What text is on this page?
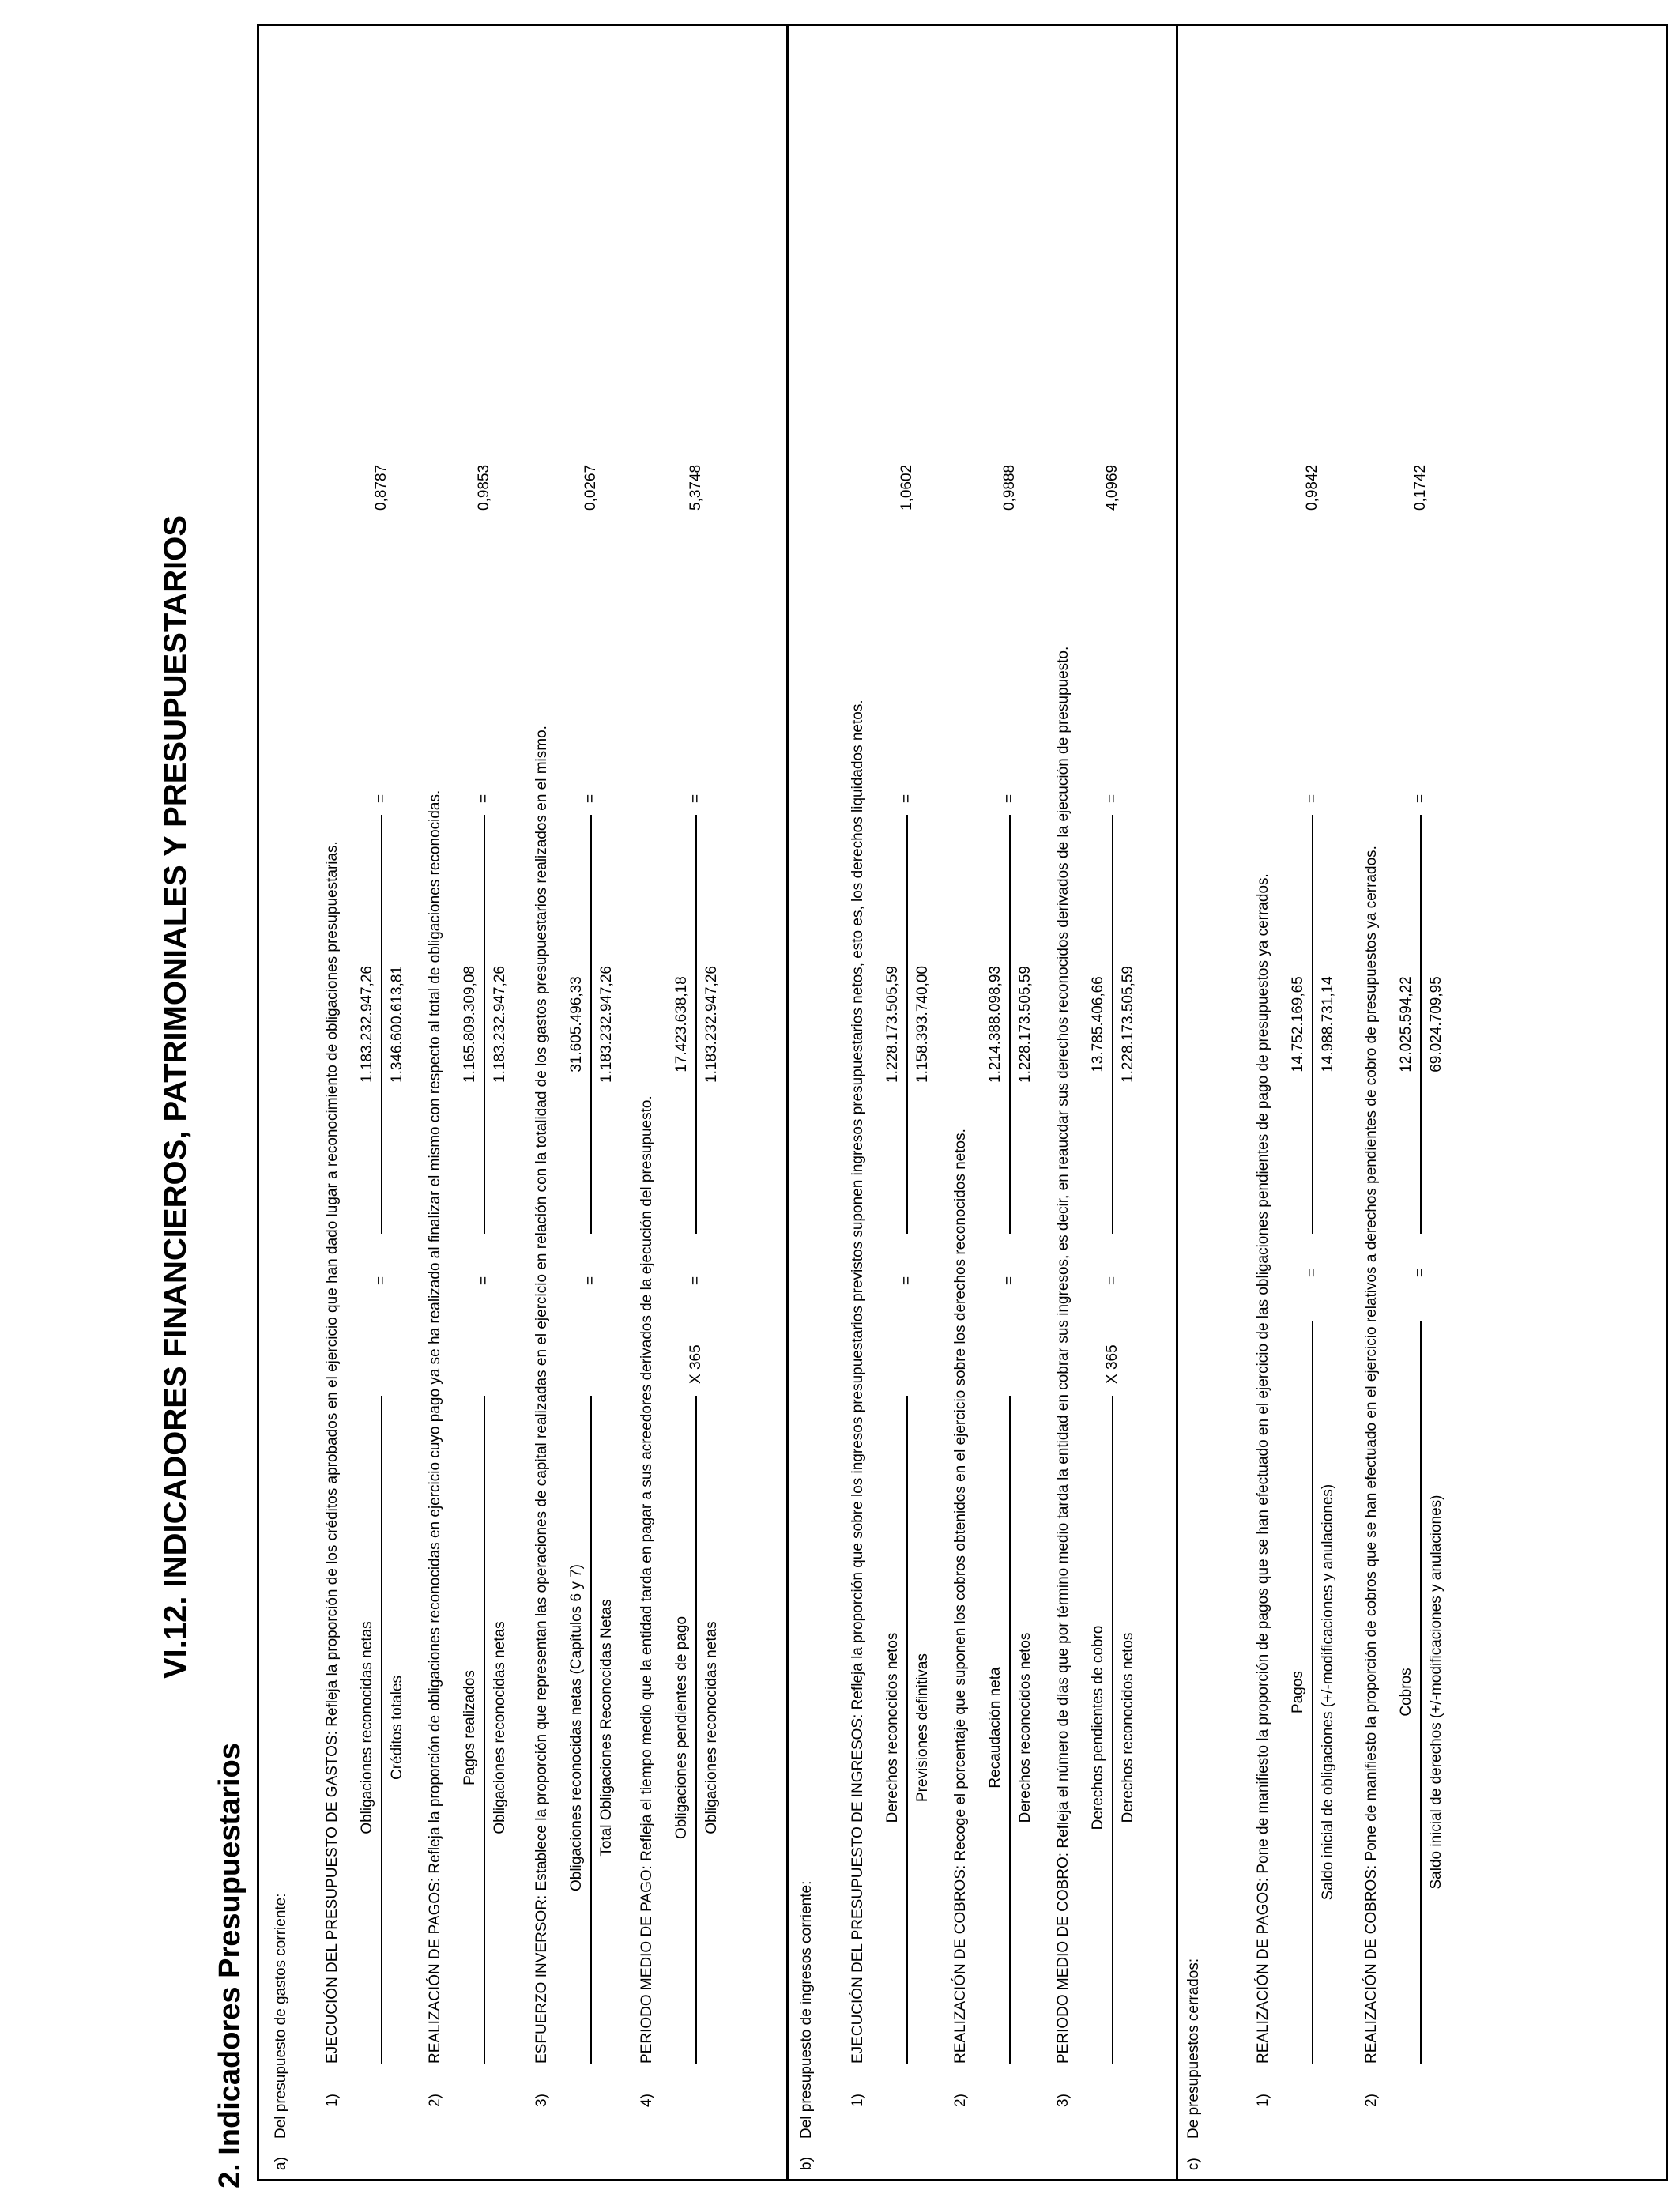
VI.12. INDICADORES FINANCIEROS, PATRIMONIALES Y PRESUPUESTARIOS
2. Indicadores Presupuestarios a)
Del presupuesto de gastos corriente: 1)
EJECUCIÓN DEL PRESUPUESTO DE GASTOS: Refleja la proporción de los créditos aprobados en el ejercicio que han dado lugar a reconocimiento de obligaciones presupuestarias. Obligaciones reconocidas netas Créditos totales
=
1.183.232.947,26 1.346.600.613,81
=
0,8787
2)
REALIZACIÓN DE PAGOS: Refleja la proporción de obligaciones reconocidas en ejercicio cuyo pago ya se ha realizado al finalizar el mismo con respecto al total de obligaciones reconocidas. Pagos realizados Obligaciones reconocidas netas
=
1.165.809.309,08 1.183.232.947,26
=
0,9853
3)
ESFUERZO INVERSOR: Establece la proporción que representan las operaciones de capital realizadas en el ejercicio en relación con la totalidad de los gastos presupuestarios realizados en el mismo. Obligaciones reconocidas netas (Capítulos 6 y 7) Total Obligaciones Reconocidas Netas
=
31.605.496,33 1.183.232.947,26
=
0,0267
4)
PERIODO MEDIO DE PAGO: Refleja el tiempo medio que la entidad tarda en pagar a sus acreedores derivados de la ejecución del presupuesto. Obligaciones pendientes de pago Obligaciones reconocidas netas
X 365
=
17.423.638,18 1.183.232.947,26
=
5,3748
b)
Del presupuesto de ingresos corriente: 1)
EJECUCIÓN DEL PRESUPUESTO DE INGRESOS: Refleja la proporción que sobre los ingresos presupuestarios previstos suponen ingresos presupuestarios netos, esto es, los derechos liquidados netos. Derechos reconocidos netos Previsiones definitivas
=
1.228.173.505,59 1.158.393.740,00
=
1,0602
2)
REALIZACIÓN DE COBROS: Recoge el porcentaje que suponen los cobros obtenidos en el ejercicio sobre los derechos reconocidos netos. Recaudación neta Derechos reconocidos netos
=
1.214.388.098,93 1.228.173.505,59
=
0,9888
3)
PERIODO MEDIO DE COBRO: Refleja el número de días que por término medio tarda la entidad en cobrar sus ingresos, es decir, en reaucdar sus derechos reconocidos derivados de la ejecución de presupuesto. Derechos pendientes de cobro Derechos reconocidos netos
X 365
=
13.785.406,66 1.228.173.505,59
=
4,0969
c)
De presupuestos cerrados:	1)
REALIZACIÓN DE PAGOS: Pone de manifiesto la proporción de pagos que se han efectuado en el ejercicio de las obligaciones pendientes de pago de presupuestos ya cerrados. Pagos Saldo inicial de obligaciones (+/-modificaciones y anulaciones)
=
14.752.169,65 14.988.731,14
=
0,9842
2)
REALIZACIÓN DE COBROS: Pone de manifiesto la proporción de cobros que se han efectuado en el ejercicio relativos a derechos pendientes de cobro de presupuestos ya cerrados. Cobros Saldo inicial de derechos (+/-modificaciones y anulaciones)
=
12.025.594,22 69.024.709,95
=
0,1742
